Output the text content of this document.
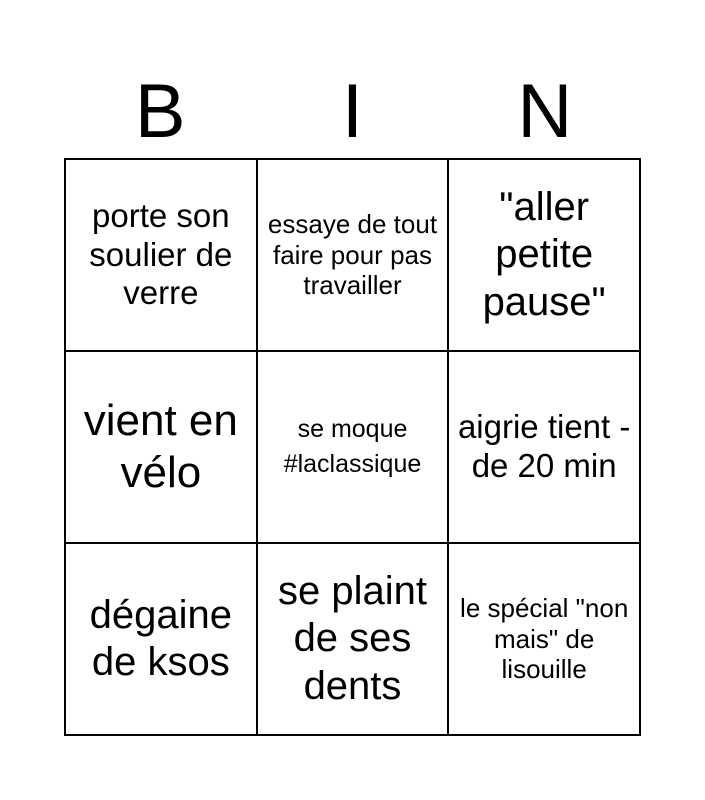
B	I	N
porte son soulier de verre
essaye de tout faire pour pas travailler
"aller petite pause"
vient en vélo
se moque #laclassique
aigrie tient - de 20 min
dégaine de ksos
se plaint de ses dents
le spécial "non mais" de lisouille
